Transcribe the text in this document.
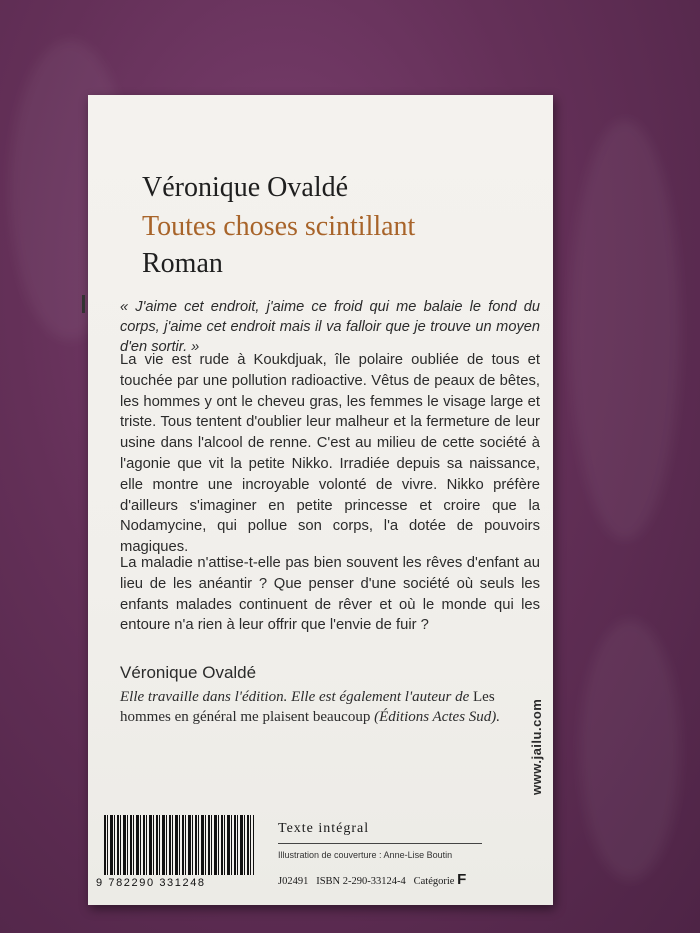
Véronique Ovaldé
Toutes choses scintillant
Roman
« J'aime cet endroit, j'aime ce froid qui me balaie le fond du corps, j'aime cet endroit mais il va falloir que je trouve un moyen d'en sortir. »
La vie est rude à Koukdjuak, île polaire oubliée de tous et touchée par une pollution radioactive. Vêtus de peaux de bêtes, les hommes y ont le cheveu gras, les femmes le visage large et triste. Tous tentent d'oublier leur malheur et la fermeture de leur usine dans l'alcool de renne. C'est au milieu de cette société à l'agonie que vit la petite Nikko. Irradiée depuis sa naissance, elle montre une incroyable volonté de vivre. Nikko préfère d'ailleurs s'imaginer en petite princesse et croire que la Nodamycine, qui pollue son corps, l'a dotée de pouvoirs magiques.
La maladie n'attise-t-elle pas bien souvent les rêves d'enfant au lieu de les anéantir ? Que penser d'une société où seuls les enfants malades continuent de rêver et où le monde qui les entoure n'a rien à leur offrir que l'envie de fuir ?
Véronique Ovaldé
Elle travaille dans l'édition. Elle est également l'auteur de Les hommes en général me plaisent beaucoup (Éditions Actes Sud).
9 782290 331248
Texte intégral
Illustration de couverture : Anne-Lise Boutin
J02491 ISBN 2-290-33124-4 Catégorie F
www.jailu.com
